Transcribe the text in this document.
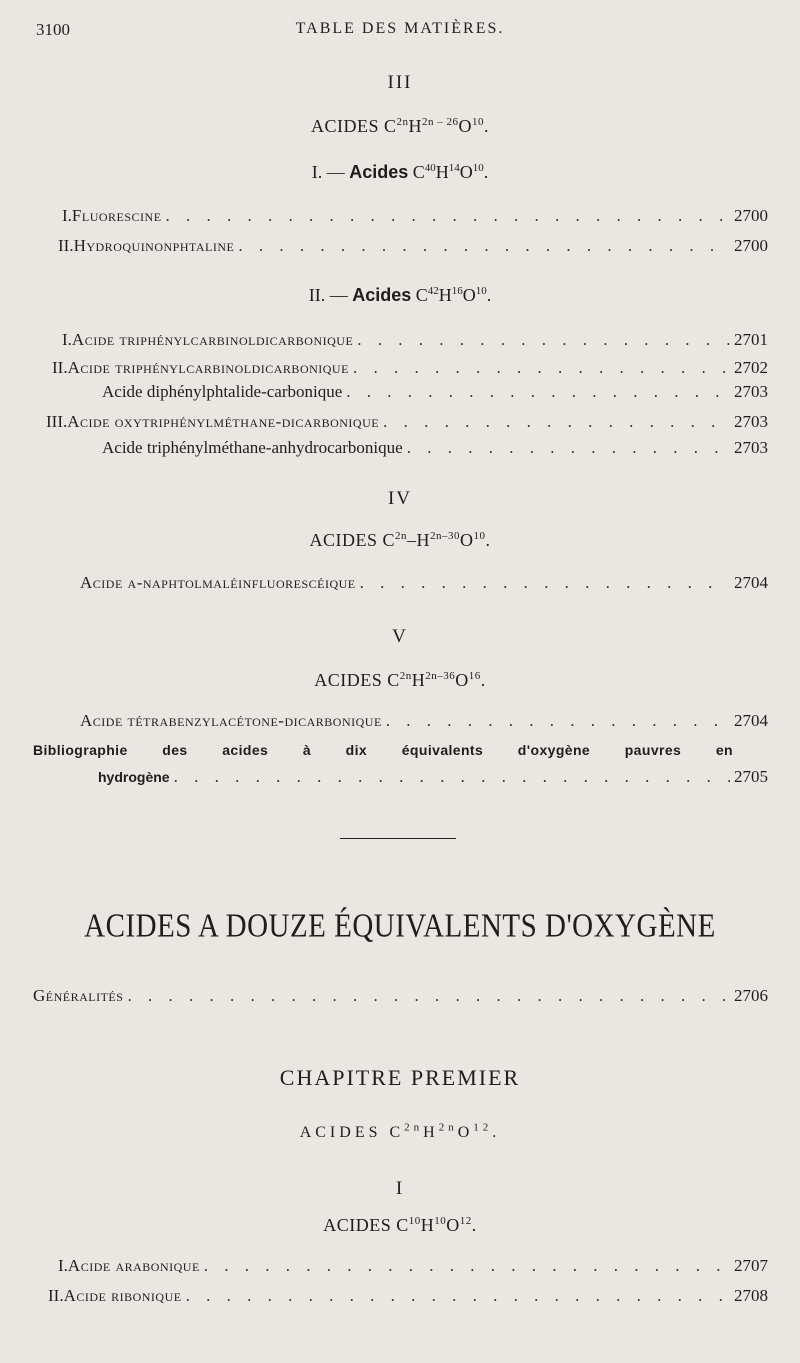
3100	TABLE DES MATIÈRES.
III
ACIDES $C^{2n}H^{2n - 26}O^{10}$.
I. — Acides $C^{40}H^{14}O^{10}$.
I. Fluorescine . . .	2700
II. Hydroquinonphtaline . . .	2700
II. — Acides $C^{42}H^{16}O^{10}$.
I. Acide triphénylcarbinoldicarbonique . . .	2701
II. Acide triphénylcarbinoldicarbonique . . .	2702
Acide diphénylphtalide-carbonique . . .	2703
III. Acide oxytriphénylméthane-dicarbonique . . .	2703
Acide triphénylméthane-anhydrocarbonique . . .	2703
IV
ACIDES $C^{2n}-H^{2n-30}O^{10}$.
Acide α-naphtolmaléinfluorescéique . . .	2704
V
ACIDES $C^{2n}H^{2n-36}O^{16}$.
Acide tétrabenzylacétone-dicarbonique . . .	2704
Bibliographie des acides à dix équivalents d'oxygène pauvres en
hydrogène . . .	2705
ACIDES A DOUZE ÉQUIVALENTS D'OXYGÈNE
Généralités . . .	2706
CHAPITRE PREMIER
ACIDES $C^{2n}H^{2n}O^{12}$.
I
ACIDES $C^{10}H^{10}O^{12}$.
I. Acide arabonique . . .	2707
II. Acide ribonique . . .	2708
